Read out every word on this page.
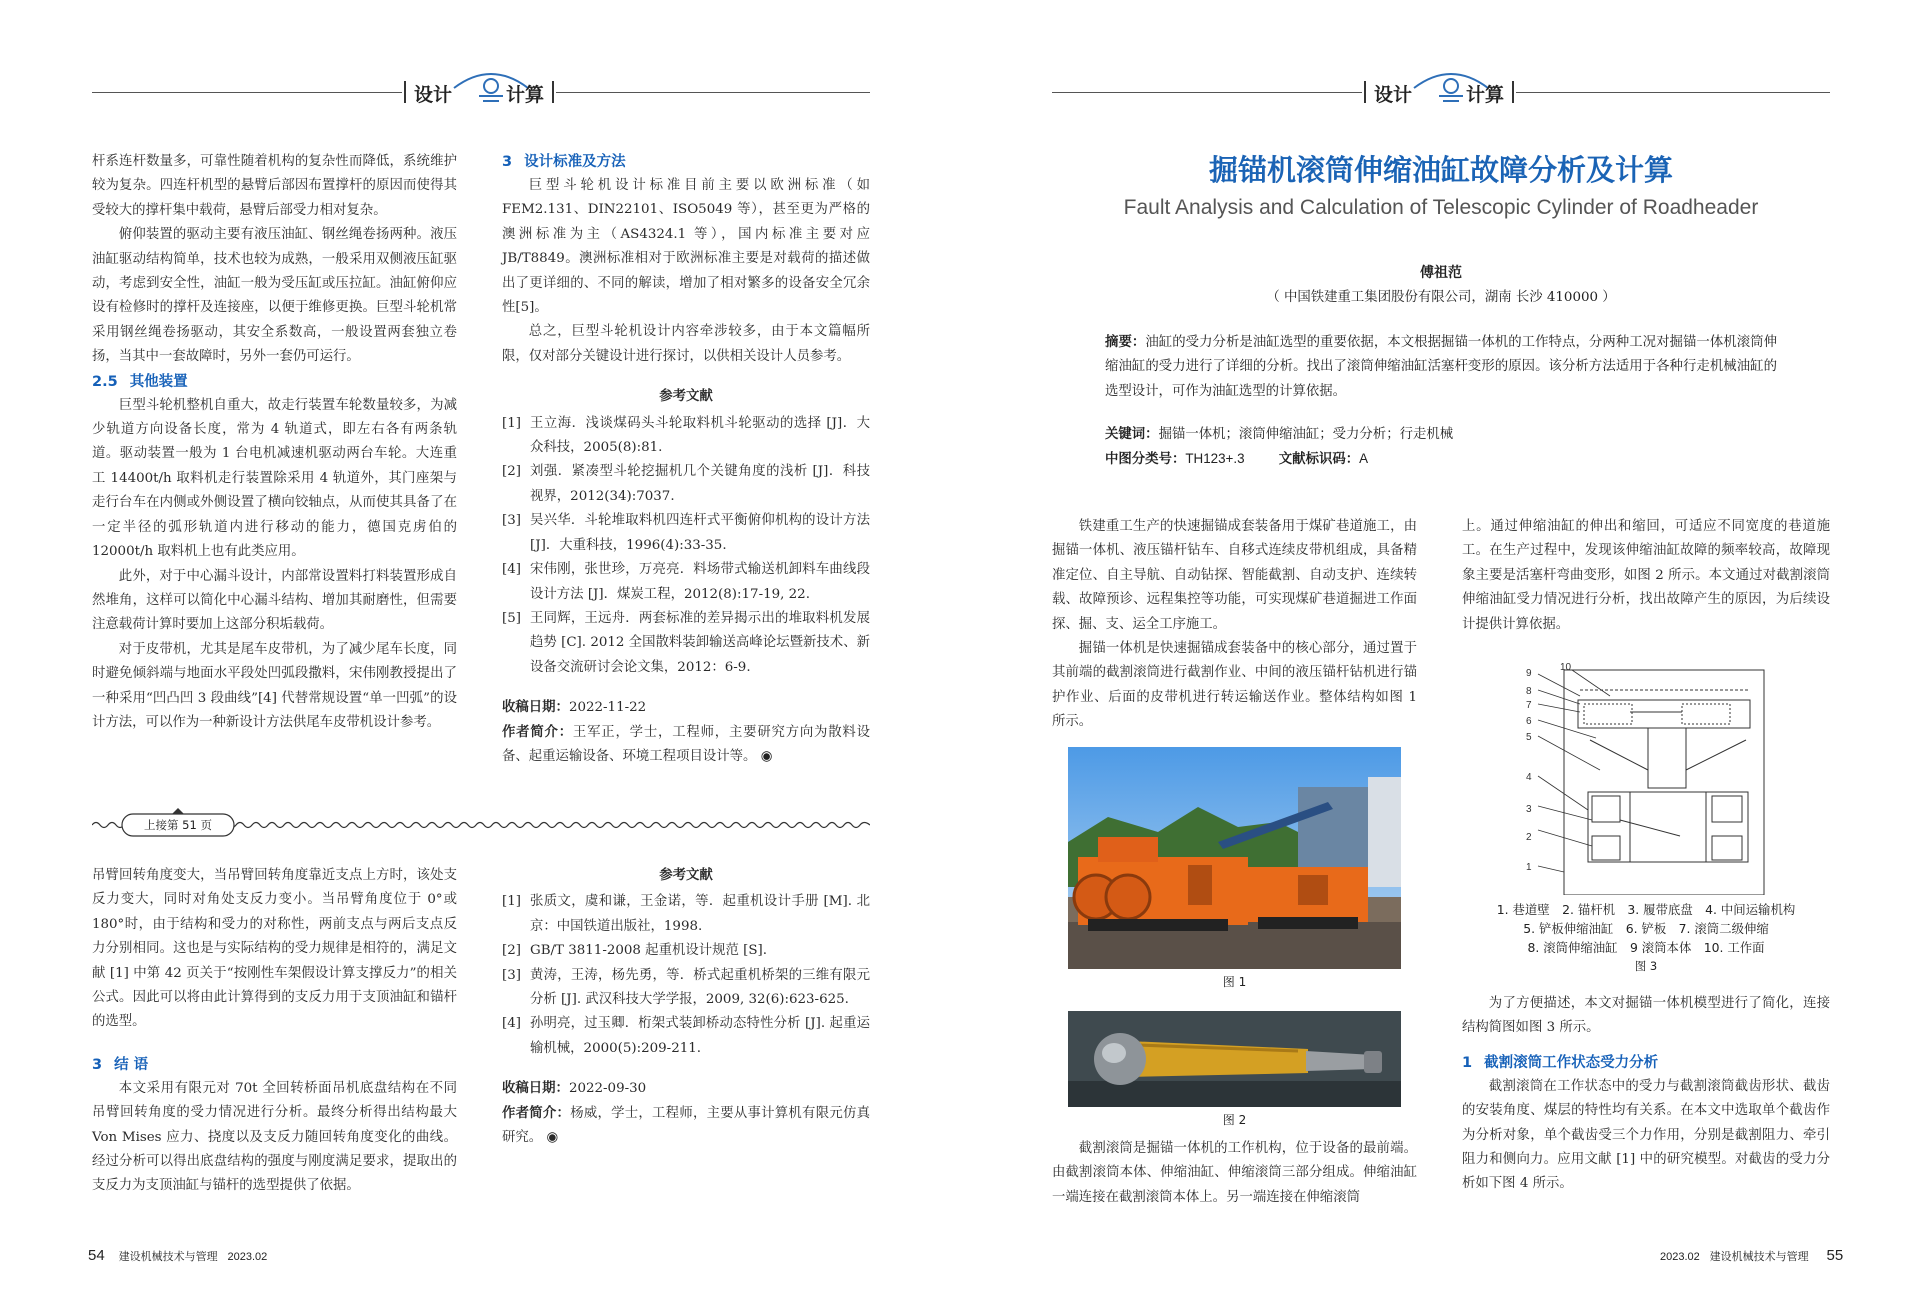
设计	计算	设计	计算

杆系连杆数量多，可靠性随着机构的复杂性而降低，系统维护较为复杂。四连杆机型的悬臂后部因布置撑杆的原因而使得其受较大的撑杆集中载荷，悬臂后部受力相对复杂。

俯仰装置的驱动主要有液压油缸、钢丝绳卷扬两种。液压油缸驱动结构简单，技术也较为成熟，一般采用双侧液压缸驱动，考虑到安全性，油缸一般为受压缸或压拉缸。油缸俯仰应设有检修时的撑杆及连接座，以便于维修更换。巨型斗轮机常采用钢丝绳卷扬驱动，其安全系数高，一般设置两套独立卷扬，当其中一套故障时，另外一套仍可运行。

2.5 其他装置

巨型斗轮机整机自重大，故走行装置车轮数量较多，为减少轨道方向设备长度，常为 4 轨道式，即左右各有两条轨道。驱动装置一般为 1 台电机减速机驱动两台车轮。大连重工 14400t/h 取料机走行装置除采用 4 轨道外，其门座架与走行台车在内侧或外侧设置了横向铰轴点，从而使其具备了在一定半径的弧形轨道内进行移动的能力，德国克虏伯的 12000t/h 取料机上也有此类应用。

此外，对于中心漏斗设计，内部常设置料打料装置形成自然堆角，这样可以简化中心漏斗结构、增加其耐磨性，但需要注意载荷计算时要加上这部分积垢载荷。

对于皮带机，尤其是尾车皮带机，为了减少尾车长度，同时避免倾斜端与地面水平段处凹弧段撒料，宋伟刚教授提出了一种采用“凹凸凹 3 段曲线”[4] 代替常规设置“单一凹弧”的设计方法，可以作为一种新设计方法供尾车皮带机设计参考。

3 设计标准及方法

巨型斗轮机设计标准目前主要以欧洲标准（如 FEM2.131、DIN22101、ISO5049 等），甚至更为严格的澳洲标准为主（AS4324.1 等），国内标准主要对应 JB/T8849。澳洲标准相对于欧洲标准主要是对载荷的描述做出了更详细的、不同的解读，增加了相对繁多的设备安全冗余性[5]。

总之，巨型斗轮机设计内容牵涉较多，由于本文篇幅所限，仅对部分关键设计进行探讨，以供相关设计人员参考。

参考文献
[1] 王立海．浅谈煤码头斗轮取料机斗轮驱动的选择 [J]．大众科技，2005(8):81.
[2] 刘强．紧凑型斗轮挖掘机几个关键角度的浅析 [J]．科技视界，2012(34):7037.
[3] 吴兴华．斗轮堆取料机四连杆式平衡俯仰机构的设计方法 [J]．大重科技，1996(4):33-35.
[4] 宋伟刚，张世珍，万亮亮．料场带式输送机卸料车曲线段设计方法 [J]．煤炭工程，2012(8):17-19, 22.
[5] 王同辉，王远舟．两套标准的差异揭示出的堆取料机发展趋势 [C]. 2012 全国散料装卸输送高峰论坛暨新技术、新设备交流研讨会论文集，2012：6-9.
收稿日期：2022-11-22
作者简介：王军正，学士，工程师，主要研究方向为散料设备、起重运输设备、环境工程项目设计等。 ◉
上接第 51 页

吊臂回转角度变大，当吊臂回转角度靠近支点上方时，该处支反力变大，同时对角处支反力变小。当吊臂角度位于 0°或 180°时，由于结构和受力的对称性，两前支点与两后支点反力分别相同。这也是与实际结构的受力规律是相符的，满足文献 [1] 中第 42 页关于“按刚性车架假设计算支撑反力”的相关公式。因此可以将由此计算得到的支反力用于支顶油缸和锚杆的选型。

3 结 语

本文采用有限元对 70t 全回转桥面吊机底盘结构在不同吊臂回转角度的受力情况进行分析。最终分析得出结构最大 Von Mises 应力、挠度以及支反力随回转角度变化的曲线。经过分析可以得出底盘结构的强度与刚度满足要求，提取出的支反力为支顶油缸与锚杆的选型提供了依据。

参考文献
[1] 张质文，虞和谦，王金诺，等．起重机设计手册 [M]. 北京：中国铁道出版社，1998.
[2] GB/T 3811-2008 起重机设计规范 [S].
[3] 黄涛，王涛，杨先勇，等．桥式起重机桥架的三维有限元分析 [J]. 武汉科技大学学报，2009, 32(6):623-625.
[4] 孙明亮，过玉卿．桁架式装卸桥动态特性分析 [J]. 起重运输机械，2000(5):209-211.
收稿日期：2022-09-30
作者简介：杨威，学士，工程师，主要从事计算机有限元仿真研究。 ◉
54 建设机械技术与管理 2023.02
掘锚机滚筒伸缩油缸故障分析及计算
Fault Analysis and Calculation of Telescopic Cylinder of Roadheader
傅祖范
（ 中国铁建重工集团股份有限公司，湖南 长沙 410000 ）
摘要：油缸的受力分析是油缸选型的重要依据，本文根据掘锚一体机的工作特点，分两种工况对掘锚一体机滚筒伸缩油缸的受力进行了详细的分析。找出了滚筒伸缩油缸活塞杆变形的原因。该分析方法适用于各种行走机械油缸的选型设计，可作为油缸选型的计算依据。
关键词：掘锚一体机；滚筒伸缩油缸；受力分析；行走机械
中图分类号：TH123+.3	文献标识码：A

铁建重工生产的快速掘锚成套装备用于煤矿巷道施工，由掘锚一体机、液压锚杆钻车、自移式连续皮带机组成，具备精准定位、自主导航、自动钻探、智能截割、自动支护、连续转载、故障预诊、远程集控等功能，可实现煤矿巷道掘进工作面探、掘、支、运全工序施工。

掘锚一体机是快速掘锚成套装备中的核心部分，通过置于其前端的截割滚筒进行截割作业、中间的液压锚杆钻机进行锚护作业、后面的皮带机进行转运输送作业。整体结构如图 1 所示。

图 1
图 2

截割滚筒是掘锚一体机的工作机构，位于设备的最前端。由截割滚筒本体、伸缩油缸、伸缩滚筒三部分组成。伸缩油缸一端连接在截割滚筒本体上。另一端连接在伸缩滚筒

上。通过伸缩油缸的伸出和缩回，可适应不同宽度的巷道施工。在生产过程中，发现该伸缩油缸故障的频率较高，故障现象主要是活塞杆弯曲变形，如图 2 所示。本文通过对截割滚筒伸缩油缸受力情况进行分析，找出故障产生的原因，为后续设计提供计算依据。

1
2
3
4
5
6
7
8
9
10
1. 巷道壁　2. 锚杆机　3. 履带底盘　4. 中间运输机构
5. 铲板伸缩油缸　6. 铲板　7. 滚筒二级伸缩
8. 滚筒伸缩油缸　9 滚筒本体　10. 工作面
图 3

为了方便描述，本文对掘锚一体机模型进行了简化，连接结构简图如图 3 所示。

1 截割滚筒工作状态受力分析

截割滚筒在工作状态中的受力与截割滚筒截齿形状、截齿的安装角度、煤层的特性均有关系。在本文中选取单个截齿作为分析对象，单个截齿受三个力作用，分别是截割阻力、牵引阻力和侧向力。应用文献 [1] 中的研究模型。对截齿的受力分析如下图 4 所示。

2023.02 建设机械技术与管理 55
